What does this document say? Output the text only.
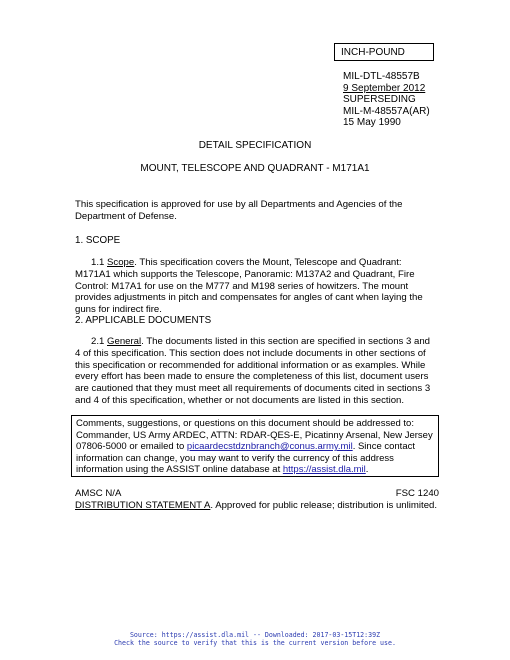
INCH-POUND
MIL-DTL-48557B
9 September 2012
SUPERSEDING
MIL-M-48557A(AR)
15 May 1990
DETAIL SPECIFICATION
MOUNT, TELESCOPE AND QUADRANT - M171A1

This specification is approved for use by all Departments and Agencies of the Department of Defense.

1. SCOPE

1.1 Scope. This specification covers the Mount, Telescope and Quadrant: M171A1 which supports the Telescope, Panoramic: M137A2 and Quadrant, Fire Control: M17A1 for use on the M777 and M198 series of howitzers. The mount provides adjustments in pitch and compensates for angles of cant when laying the guns for indirect fire.

2. APPLICABLE DOCUMENTS

2.1 General. The documents listed in this section are specified in sections 3 and 4 of this specification. This section does not include documents in other sections of this specification or recommended for additional information or as examples. While every effort has been made to ensure the completeness of this list, document users are cautioned that they must meet all requirements of documents cited in sections 3 and 4 of this specification, whether or not documents are listed in this section.

Comments, suggestions, or questions on this document should be addressed to: Commander, US Army ARDEC, ATTN: RDAR-QES-E, Picatinny Arsenal, New Jersey 07806-5000 or emailed to picaardecstdznbranch@conus.army.mil. Since contact information can change, you may want to verify the currency of this address information using the ASSIST online database at https://assist.dla.mil.
AMSC N/A	FSC 1240
DISTRIBUTION STATEMENT A. Approved for public release; distribution is unlimited.
Source: https://assist.dla.mil -- Downloaded: 2017-03-15T12:39Z
Check the source to verify that this is the current version before use.
